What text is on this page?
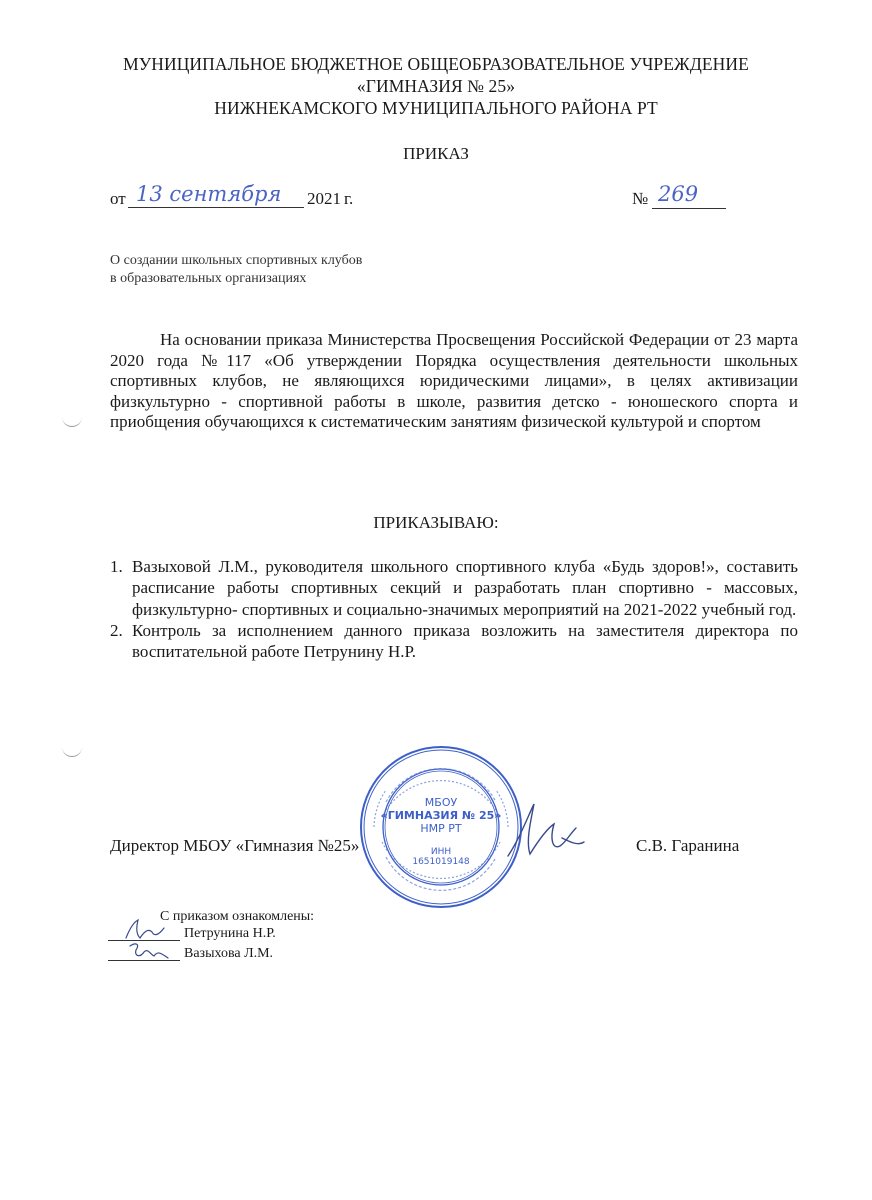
МУНИЦИПАЛЬНОЕ БЮДЖЕТНОЕ ОБЩЕОБРАЗОВАТЕЛЬНОЕ УЧРЕЖДЕНИЕ
«ГИМНАЗИЯ № 25»
НИЖНЕКАМСКОГО МУНИЦИПАЛЬНОГО РАЙОНА РТ
ПРИКАЗ
от 13 сентября 2021 г.	№ 269
О создании школьных спортивных клубов
в образовательных организациях
На основании приказа Министерства Просвещения Российской Федерации от 23 марта 2020 года №117 «Об утверждении Порядка осуществления деятельности школьных спортивных клубов, не являющихся юридическими лицами», в целях активизации физкультурно - спортивной работы в школе, развития детско - юношеского спорта и приобщения обучающихся к систематическим занятиям физической культурой и спортом
ПРИКАЗЫВАЮ:
1. Вазыховой Л.М., руководителя школьного спортивного клуба «Будь здоров!», составить расписание работы спортивных секций и разработать план спортивно - массовых, физкультурно- спортивных и социально-значимых мероприятий на 2021-2022 учебный год.
2. Контроль за исполнением данного приказа возложить на заместителя директора по воспитательной работе Петрунину Н.Р.
МБОУ
«ГИМНАЗИЯ № 25»
НМР РТ
ИНН
1651019148
Директор МБОУ «Гимназия №25»	С.В. Гаранина
С приказом ознакомлены:
Петрунина Н.Р.
Вазыхова Л.М.
